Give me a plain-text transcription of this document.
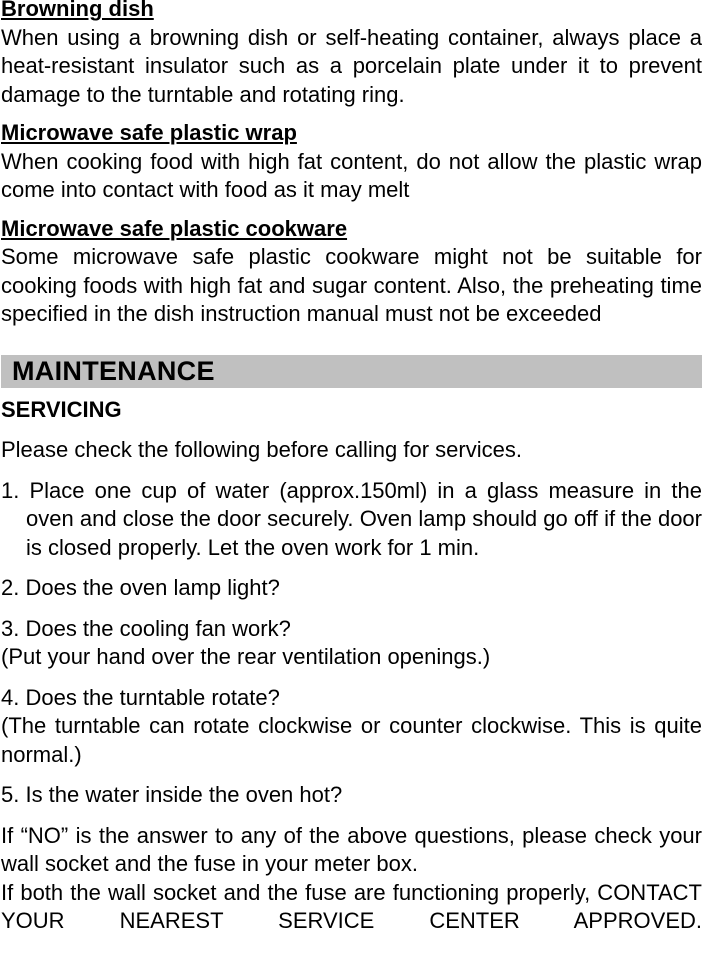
Browning dish

When using a browning dish or self-heating container, always place a heat-resistant insulator such as a porcelain plate under it to prevent damage to the turntable and rotating ring.

Microwave safe plastic wrap

When cooking food with high fat content, do not allow the plastic wrap come into contact with food as it may melt

Microwave safe plastic cookware

Some microwave safe plastic cookware might not be suitable for cooking foods with high fat and sugar content. Also, the preheating time specified in the dish instruction manual must not be exceeded

MAINTENANCE

SERVICING

Please check the following before calling for services.

1. Place one cup of water (approx.150ml) in a glass measure in the oven and close the door securely. Oven lamp should go off if the door is closed properly. Let the oven work for 1 min.
2. Does the oven lamp light?
3. Does the cooling fan work?
(Put your hand over the rear ventilation openings.)
4. Does the turntable rotate?
(The turntable can rotate clockwise or counter clockwise. This is quite normal.)
5. Is the water inside the oven hot?

If “NO” is the answer to any of the above questions, please check your wall socket and the fuse in your meter box.

If both the wall socket and the fuse are functioning properly, CONTACT YOUR NEAREST SERVICE CENTER APPROVED.
